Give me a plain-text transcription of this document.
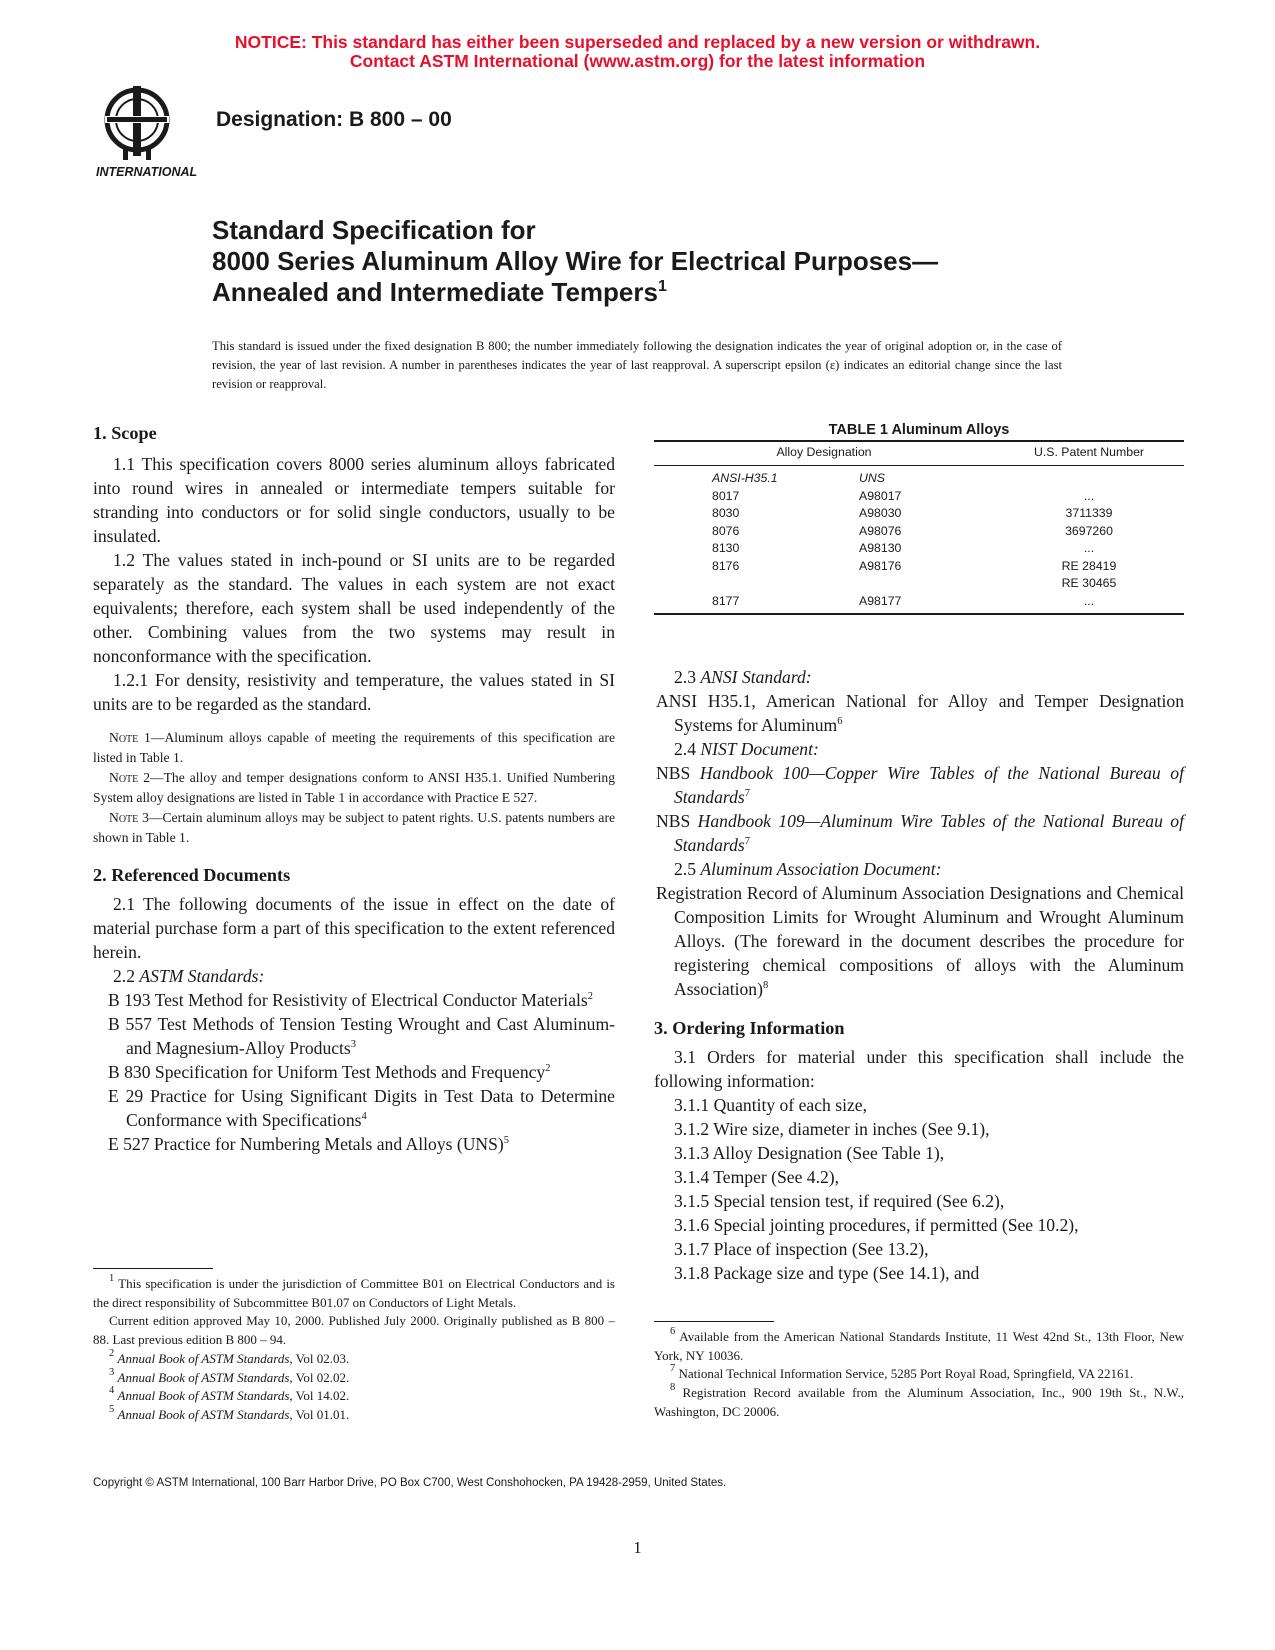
NOTICE: This standard has either been superseded and replaced by a new version or withdrawn.
Contact ASTM International (www.astm.org) for the latest information
INTERNATIONAL
Designation: B 800 – 00
Standard Specification for
8000 Series Aluminum Alloy Wire for Electrical Purposes—
Annealed and Intermediate Tempers$^1$
This standard is issued under the fixed designation B 800; the number immediately following the designation indicates the year of original adoption or, in the case of revision, the year of last revision. A number in parentheses indicates the year of last reapproval. A superscript epsilon (ε) indicates an editorial change since the last revision or reapproval.
1. Scope
1.1 This specification covers 8000 series aluminum alloys fabricated into round wires in annealed or intermediate tempers suitable for stranding into conductors or for solid single conductors, usually to be insulated.
1.2 The values stated in inch-pound or SI units are to be regarded separately as the standard. The values in each system are not exact equivalents; therefore, each system shall be used independently of the other. Combining values from the two systems may result in nonconformance with the specification.
1.2.1 For density, resistivity and temperature, the values stated in SI units are to be regarded as the standard.
Note 1—Aluminum alloys capable of meeting the requirements of this specification are listed in Table 1.
Note 2—The alloy and temper designations conform to ANSI H35.1. Unified Numbering System alloy designations are listed in Table 1 in accordance with Practice E 527.
Note 3—Certain aluminum alloys may be subject to patent rights. U.S. patents numbers are shown in Table 1.
2. Referenced Documents
2.1 The following documents of the issue in effect on the date of material purchase form a part of this specification to the extent referenced herein.
2.2 ASTM Standards:
B 193 Test Method for Resistivity of Electrical Conductor Materials$^2$
B 557 Test Methods of Tension Testing Wrought and Cast Aluminum- and Magnesium-Alloy Products$^3$
B 830 Specification for Uniform Test Methods and Frequency$^2$
E 29 Practice for Using Significant Digits in Test Data to Determine Conformance with Specifications$^4$
E 527 Practice for Numbering Metals and Alloys (UNS)$^5$
$^1$ This specification is under the jurisdiction of Committee B01 on Electrical Conductors and is the direct responsibility of Subcommittee B01.07 on Conductors of Light Metals.
Current edition approved May 10, 2000. Published July 2000. Originally published as B 800 – 88. Last previous edition B 800 – 94.
$^2$ Annual Book of ASTM Standards, Vol 02.03.
$^3$ Annual Book of ASTM Standards, Vol 02.02.
$^4$ Annual Book of ASTM Standards, Vol 14.02.
$^5$ Annual Book of ASTM Standards, Vol 01.01.
TABLE 1 Aluminum Alloys
Alloy Designation		U.S. Patent Number
ANSI-H35.1	UNS	
8017	A98017	...
8030	A98030	3711339
8076	A98076	3697260
8130	A98130	...
8176	A98176	RE 28419
		RE 30465
8177	A98177	...
2.3 ANSI Standard:
ANSI H35.1, American National for Alloy and Temper Designation Systems for Aluminum$^6$
2.4 NIST Document:
NBS Handbook 100—Copper Wire Tables of the National Bureau of Standards$^7$
NBS Handbook 109—Aluminum Wire Tables of the National Bureau of Standards$^7$
2.5 Aluminum Association Document:
Registration Record of Aluminum Association Designations and Chemical Composition Limits for Wrought Aluminum and Wrought Aluminum Alloys. (The foreward in the document describes the procedure for registering chemical compositions of alloys with the Aluminum Association)$^8$
3. Ordering Information
3.1 Orders for material under this specification shall include the following information:
3.1.1 Quantity of each size,
3.1.2 Wire size, diameter in inches (See 9.1),
3.1.3 Alloy Designation (See Table 1),
3.1.4 Temper (See 4.2),
3.1.5 Special tension test, if required (See 6.2),
3.1.6 Special jointing procedures, if permitted (See 10.2),
3.1.7 Place of inspection (See 13.2),
3.1.8 Package size and type (See 14.1), and
$^6$ Available from the American National Standards Institute, 11 West 42nd St., 13th Floor, New York, NY 10036.
$^7$ National Technical Information Service, 5285 Port Royal Road, Springfield, VA 22161.
$^8$ Registration Record available from the Aluminum Association, Inc., 900 19th St., N.W., Washington, DC 20006.
Copyright © ASTM International, 100 Barr Harbor Drive, PO Box C700, West Conshohocken, PA 19428-2959, United States.
1
